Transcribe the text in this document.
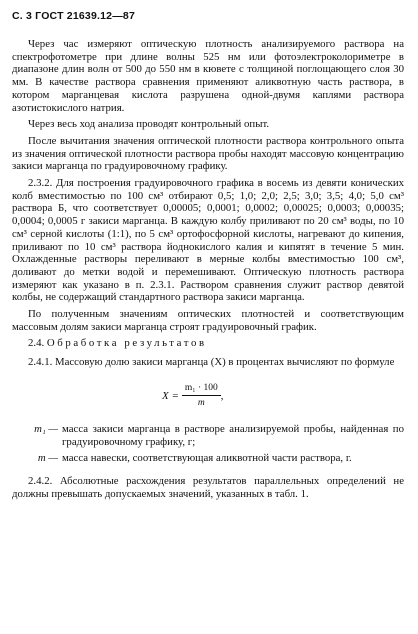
С. 3 ГОСТ 21639.12—87

Через час измеряют оптическую плотность анализируемого раствора на спектрофотометре при длине волны 525 нм или фотоэлектроколориметре в диапазоне длин волн от 500 до 550 нм в кювете с толщиной поглощающего слоя 30 мм. В качестве раствора сравнения применяют аликвотную часть раствора, в котором марганцевая кислота разрушена одной-двумя каплями раствора азотистокислого натрия.

Через весь ход анализа проводят контрольный опыт.

После вычитания значения оптической плотности раствора контрольного опыта из значения оптической плотности раствора пробы находят массовую концентрацию закиси марганца по градуировочному графику.

2.3.2. Для построения градуировочного графика в восемь из девяти конических колб вместимостью по 100 см³ отбирают 0,5; 1,0; 2,0; 2,5; 3,0; 3,5; 4,0; 5,0 см³ раствора Б, что соответствует 0,00005; 0,0001; 0,0002; 0,00025; 0,0003; 0,00035; 0,0004; 0,0005 г закиси марганца. В каждую колбу приливают по 20 см³ воды, по 10 см³ серной кислоты (1:1), по 5 см³ ортофосфорной кислоты, нагревают до кипения, приливают по 10 см³ раствора йоднокислого калия и кипятят в течение 5 мин. Охлажденные растворы переливают в мерные колбы вместимостью 100 см³, доливают до метки водой и перемешивают. Оптическую плотность раствора измеряют как указано в п. 2.3.1. Раствором сравнения служит раствор девятой колбы, не содержащий стандартного раствора закиси марганца.

По полученным значениям оптических плотностей и соответствующим массовым долям закиси марганца строят градуировочный график.

2.4. Обработка результатов

2.4.1. Массовую долю закиси марганца (X) в процентах вычисляют по формуле

$X = \frac{\text{m₁ · 100}}{m}$ ,
m₁ — масса закиси марганца в растворе анализируемой пробы, найденная по градуировочному графику, г;
m — масса навески, соответствующая аликвотной части раствора, г.

2.4.2. Абсолютные расхождения результатов параллельных определений не должны превышать допускаемых значений, указанных в табл. 1.
